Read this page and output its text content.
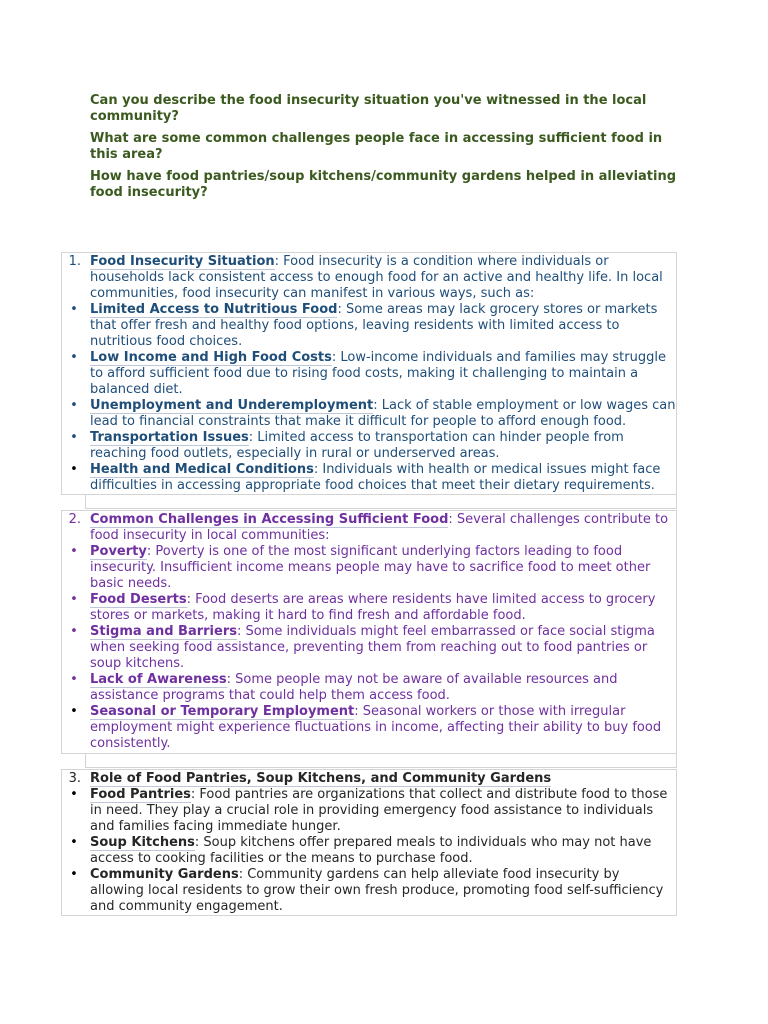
Can you describe the food insecurity situation you've witnessed in the local community?

What are some common challenges people face in accessing sufficient food in this area?

How have food pantries/soup kitchens/community gardens helped in alleviating food insecurity?

1. Food Insecurity Situation: Food insecurity is a condition where individuals or households lack consistent access to enough food for an active and healthy life. In local communities, food insecurity can manifest in various ways, such as:
• Limited Access to Nutritious Food: Some areas may lack grocery stores or markets that offer fresh and healthy food options, leaving residents with limited access to nutritious food choices.
• Low Income and High Food Costs: Low-income individuals and families may struggle to afford sufficient food due to rising food costs, making it challenging to maintain a balanced diet.
• Unemployment and Underemployment: Lack of stable employment or low wages can lead to financial constraints that make it difficult for people to afford enough food.
• Transportation Issues: Limited access to transportation can hinder people from reaching food outlets, especially in rural or underserved areas.
• Health and Medical Conditions: Individuals with health or medical issues might face difficulties in accessing appropriate food choices that meet their dietary requirements.
2. Common Challenges in Accessing Sufficient Food: Several challenges contribute to food insecurity in local communities:
• Poverty: Poverty is one of the most significant underlying factors leading to food insecurity. Insufficient income means people may have to sacrifice food to meet other basic needs.
• Food Deserts: Food deserts are areas where residents have limited access to grocery stores or markets, making it hard to find fresh and affordable food.
• Stigma and Barriers: Some individuals might feel embarrassed or face social stigma when seeking food assistance, preventing them from reaching out to food pantries or soup kitchens.
• Lack of Awareness: Some people may not be aware of available resources and assistance programs that could help them access food.
• Seasonal or Temporary Employment: Seasonal workers or those with irregular employment might experience fluctuations in income, affecting their ability to buy food consistently.
3. Role of Food Pantries, Soup Kitchens, and Community Gardens
• Food Pantries: Food pantries are organizations that collect and distribute food to those in need. They play a crucial role in providing emergency food assistance to individuals and families facing immediate hunger.
• Soup Kitchens: Soup kitchens offer prepared meals to individuals who may not have access to cooking facilities or the means to purchase food.
• Community Gardens: Community gardens can help alleviate food insecurity by allowing local residents to grow their own fresh produce, promoting food self-sufficiency and community engagement.
